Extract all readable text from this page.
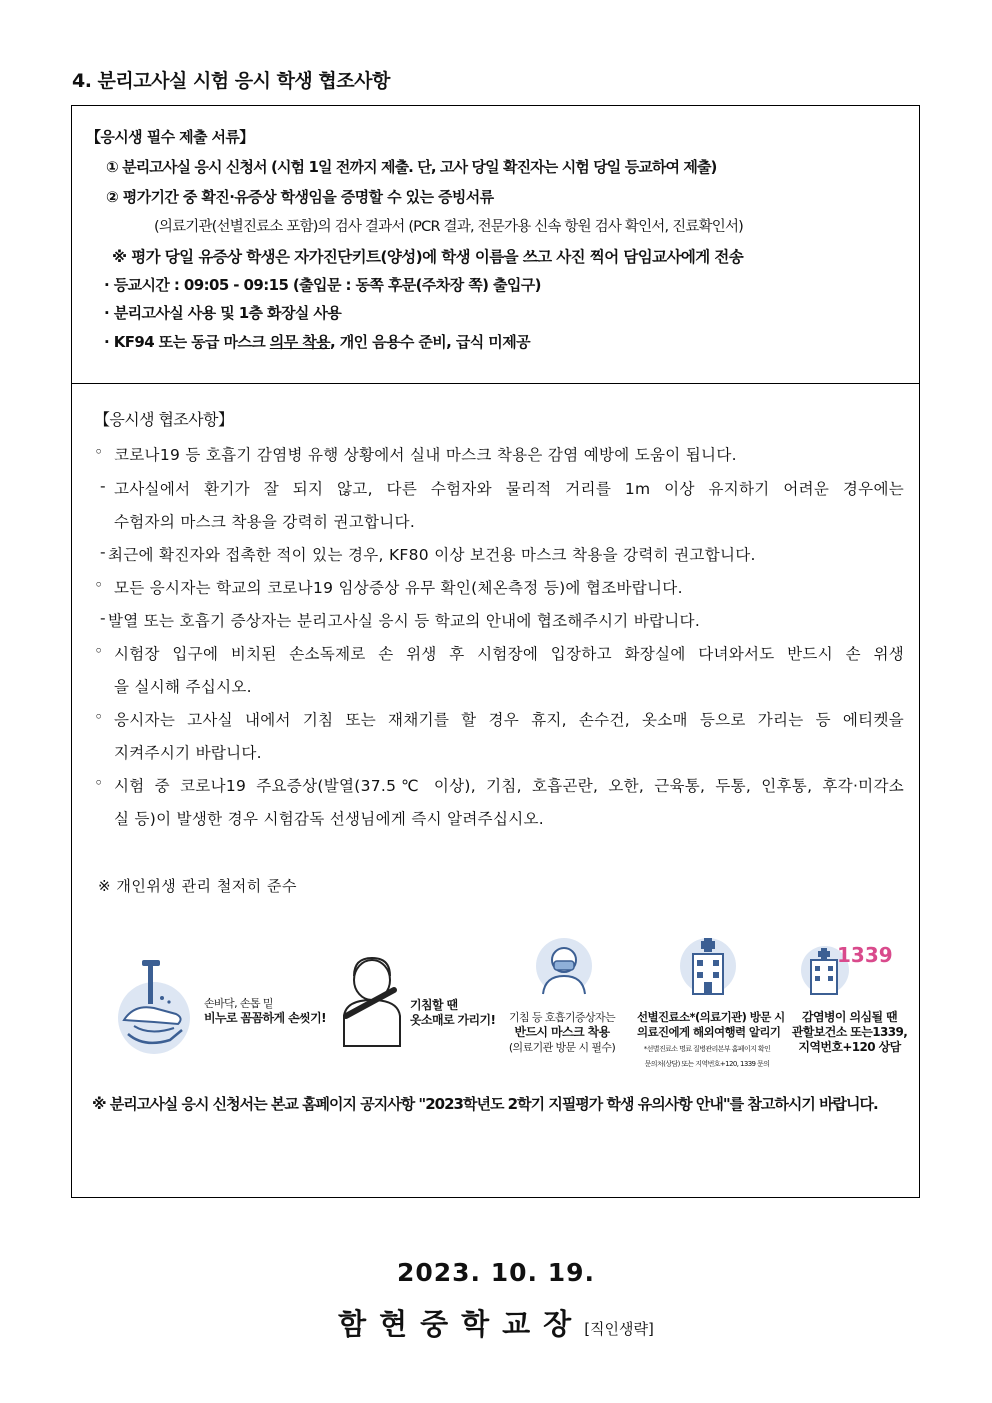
4. 분리고사실 시험 응시 학생 협조사항
【응시생 필수 제출 서류】
① 분리고사실 응시 신청서 (시험 1일 전까지 제출. 단, 고사 당일 확진자는 시험 당일 등교하여 제출)
② 평가기간 중 확진·유증상 학생임을 증명할 수 있는 증빙서류
(의료기관(선별진료소 포함)의 검사 결과서 (PCR 결과, 전문가용 신속 항원 검사 확인서, 진료확인서)
※ 평가 당일 유증상 학생은 자가진단키트(양성)에 학생 이름을 쓰고 사진 찍어 담임교사에게 전송
· 등교시간 : 09:05 - 09:15 (출입문 : 동쪽 후문(주차장 쪽) 출입구)
· 분리고사실 사용 및 1층 화장실 사용
· KF94 또는 동급 마스크 의무 착용, 개인 음용수 준비, 급식 미제공
【응시생 협조사항】
◦ 코로나19 등 호흡기 감염병 유행 상황에서 실내 마스크 착용은 감염 예방에 도움이 됩니다.
- 고사실에서 환기가 잘 되지 않고, 다른 수험자와 물리적 거리를 1m 이상 유지하기 어려운 경우에는
수험자의 마스크 착용을 강력히 권고합니다.
- 최근에 확진자와 접촉한 적이 있는 경우, KF80 이상 보건용 마스크 착용을 강력히 권고합니다.
◦ 모든 응시자는 학교의 코로나19 임상증상 유무 확인(체온측정 등)에 협조바랍니다.
- 발열 또는 호흡기 증상자는 분리고사실 응시 등 학교의 안내에 협조해주시기 바랍니다.
◦ 시험장 입구에 비치된 손소독제로 손 위생 후 시험장에 입장하고 화장실에 다녀와서도 반드시 손 위생
을 실시해 주십시오.
◦ 응시자는 고사실 내에서 기침 또는 재채기를 할 경우 휴지, 손수건, 옷소매 등으로 가리는 등 에티켓을
지켜주시기 바랍니다.
◦ 시험 중 코로나19 주요증상(발열(37.5℃ 이상), 기침, 호흡곤란, 오한, 근육통, 두통, 인후통, 후각·미각소
실 등)이 발생한 경우 시험감독 선생님에게 즉시 알려주십시오.
※ 개인위생 관리 철저히 준수
손바닥, 손톱 밑
비누로 꼼꼼하게 손씻기!
기침할 땐
옷소매로 가리기!	기침 등 호흡기증상자는
반드시 마스크 착용
(의료기관 방문 시 필수)
선별진료소*(의료기관) 방문 시
의료진에게 해외여행력 알리기
*선별진료소 명료 질병관리본부 홈페이지 확인
문의처(상담) 또는 지역번호+120, 1339 문의
1339
감염병이 의심될 땐
관할보건소 또는1339,
지역번호+120 상담
※ 분리고사실 응시 신청서는 본교 홈페이지 공지사항 "2023학년도 2학기 지필평가 학생 유의사항 안내"를 참고하시기 바랍니다.
2023. 10. 19.
함현중학교장[직인생략]
